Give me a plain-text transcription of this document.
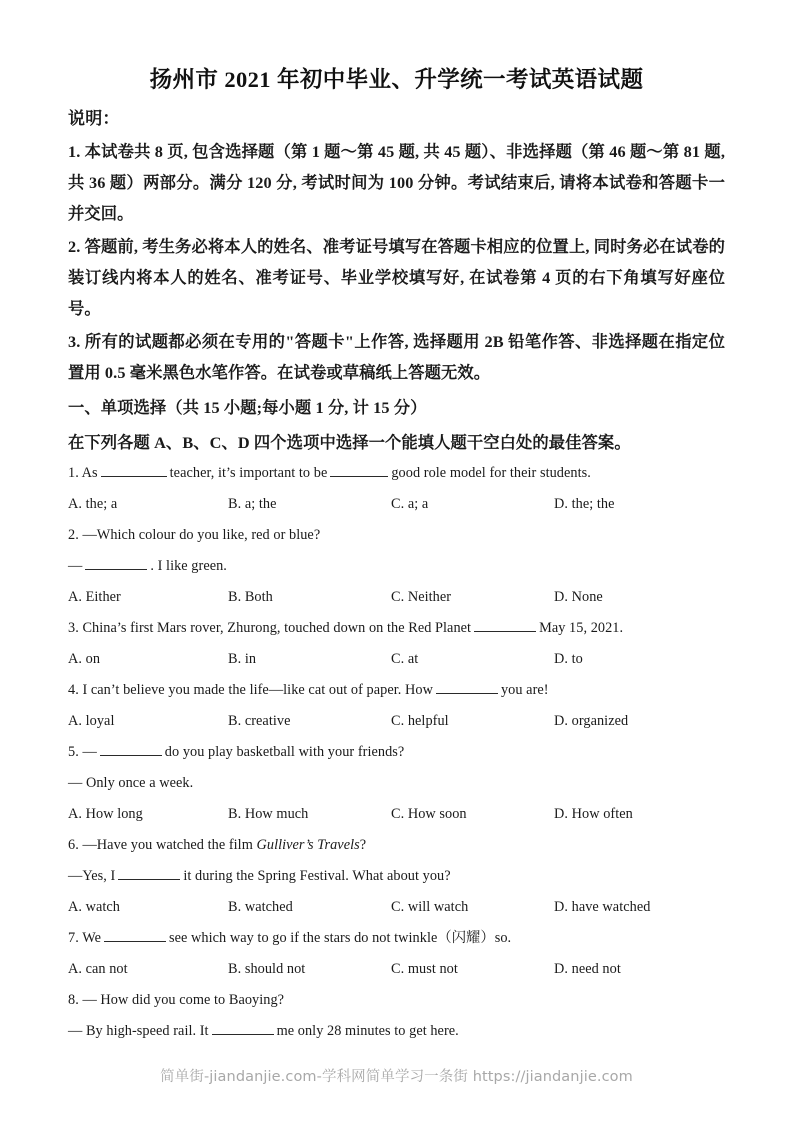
扬州市 2021 年初中毕业、升学统一考试英语试题
说明：
1. 本试卷共 8 页, 包含选择题（第 1 题～第 45 题, 共 45 题）、非选择题（第 46 题～第 81 题, 共 36 题）两部分。满分 120 分, 考试时间为 100 分钟。考试结束后, 请将本试卷和答题卡一并交回。
2. 答题前, 考生务必将本人的姓名、准考证号填写在答题卡相应的位置上, 同时务必在试卷的装订线内将本人的姓名、准考证号、毕业学校填写好, 在试卷第 4 页的右下角填写好座位号。
3. 所有的试题都必须在专用的"答题卡"上作答, 选择题用 2B 铅笔作答、非选择题在指定位置用 0.5 毫米黑色水笔作答。在试卷或草稿纸上答题无效。
一、单项选择（共 15 小题;每小题 1 分, 计 15 分）
在下列各题 A、B、C、D 四个选项中选择一个能填人题干空白处的最佳答案。
1. As	teacher, it’s important to be	good role model for their students.
A. the; a	B. a; the	C. a; a	D. the; the
2. —Which colour do you like, red or blue?
—	. I like green.
A. Either	B. Both	C. Neither	D. None
3. China’s first Mars rover, Zhurong, touched down on the Red Planet	May 15, 2021.
A. on	B. in	C. at	D. to
4. I can’t believe you made the life—like cat out of paper. How	you are!
A. loyal	B. creative	C. helpful	D. organized
5. —	do you play basketball with your friends?
— Only once a week.
A. How long	B. How much	C. How soon	D. How often
6. —Have you watched the film Gulliver’s Travels?
—Yes, I	it during the Spring Festival. What about you?
A. watch	B. watched	C. will watch	D. have watched
7. We	see which way to go if the stars do not twinkle（闪耀）so.
A. can not	B. should not	C. must not	D. need not
8. — How did you come to Baoying?
— By high-speed rail. It	me only 28 minutes to get here.
简单街-jiandanjie.com-学科网简单学习一条街 https://jiandanjie.com
